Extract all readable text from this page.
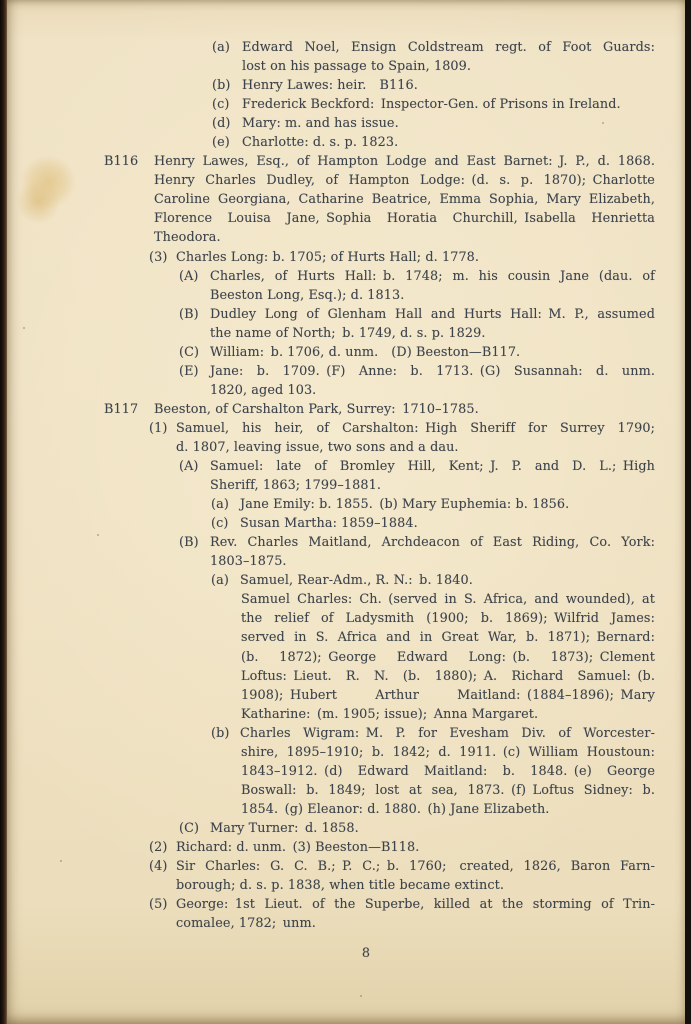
(a) Edward Noel, Ensign Coldstream regt. of Foot Guards:
lost on his passage to Spain, 1809.
(b) Henry Lawes: heir.  B116.
(c) Frederick Beckford: Inspector-Gen. of Prisons in Ireland.
(d) Mary: m. and has issue.
(e) Charlotte: d. s. p. 1823.
B116 Henry Lawes, Esq., of Hampton Lodge and East Barnet: J. P., d. 1868.
Henry Charles Dudley, of Hampton Lodge: (d. s. p. 1870); Charlotte
Caroline Georgiana, Catharine Beatrice, Emma Sophia, Mary Elizabeth,
Florence Louisa Jane, Sophia Horatia Churchill, Isabella Henrietta
Theodora.
(3) Charles Long: b. 1705; of Hurts Hall; d. 1778.
(A) Charles, of Hurts Hall: b. 1748; m. his cousin Jane (dau. of
Beeston Long, Esq.); d. 1813.
(B) Dudley Long of Glenham Hall and Hurts Hall: M. P., assumed
the name of North; b. 1749, d. s. p. 1829.
(C) William: b. 1706, d. unm.  (D) Beeston—B117.
(E) Jane: b. 1709. (F) Anne: b. 1713. (G) Susannah: d. unm.
1820, aged 103.
B117 Beeston, of Carshalton Park, Surrey: 1710–1785.
(1) Samuel, his heir, of Carshalton: High Sheriff for Surrey 1790;
d. 1807, leaving issue, two sons and a dau.
(A) Samuel: late of Bromley Hill, Kent; J. P. and D. L.; High
Sheriff, 1863; 1799–1881.
(a) Jane Emily: b. 1855. (b) Mary Euphemia: b. 1856.
(c) Susan Martha: 1859–1884.
(B) Rev. Charles Maitland, Archdeacon of East Riding, Co. York:
1803–1875.
(a) Samuel, Rear-Adm., R. N.: b. 1840.
Samuel Charles: Ch. (served in S. Africa, and wounded), at
the relief of Ladysmith (1900; b. 1869); Wilfrid James:
served in S. Africa and in Great War, b. 1871); Bernard:
(b. 1872); George Edward Long: (b. 1873); Clement
Loftus: Lieut. R. N. (b. 1880); A. Richard Samuel: (b.
1908); Hubert Arthur Maitland: (1884–1896); Mary
Katharine: (m. 1905; issue); Anna Margaret.
(b) Charles Wigram: M. P. for Evesham Div. of Worcester-
shire, 1895–1910; b. 1842; d. 1911. (c) William Houstoun:
1843–1912. (d) Edward Maitland: b. 1848. (e) George
Boswall: b. 1849; lost at sea, 1873. (f) Loftus Sidney: b.
1854. (g) Eleanor: d. 1880. (h) Jane Elizabeth.
(C) Mary Turner: d. 1858.
(2) Richard: d. unm. (3) Beeston—B118.
(4) Sir Charles: G. C. B.; P. C.; b. 1760;  created, 1826, Baron Farn-
borough; d. s. p. 1838, when title became extinct.
(5) George: 1st Lieut. of the Superbe, killed at the storming of Trin-
comalee, 1782; unm.
8
